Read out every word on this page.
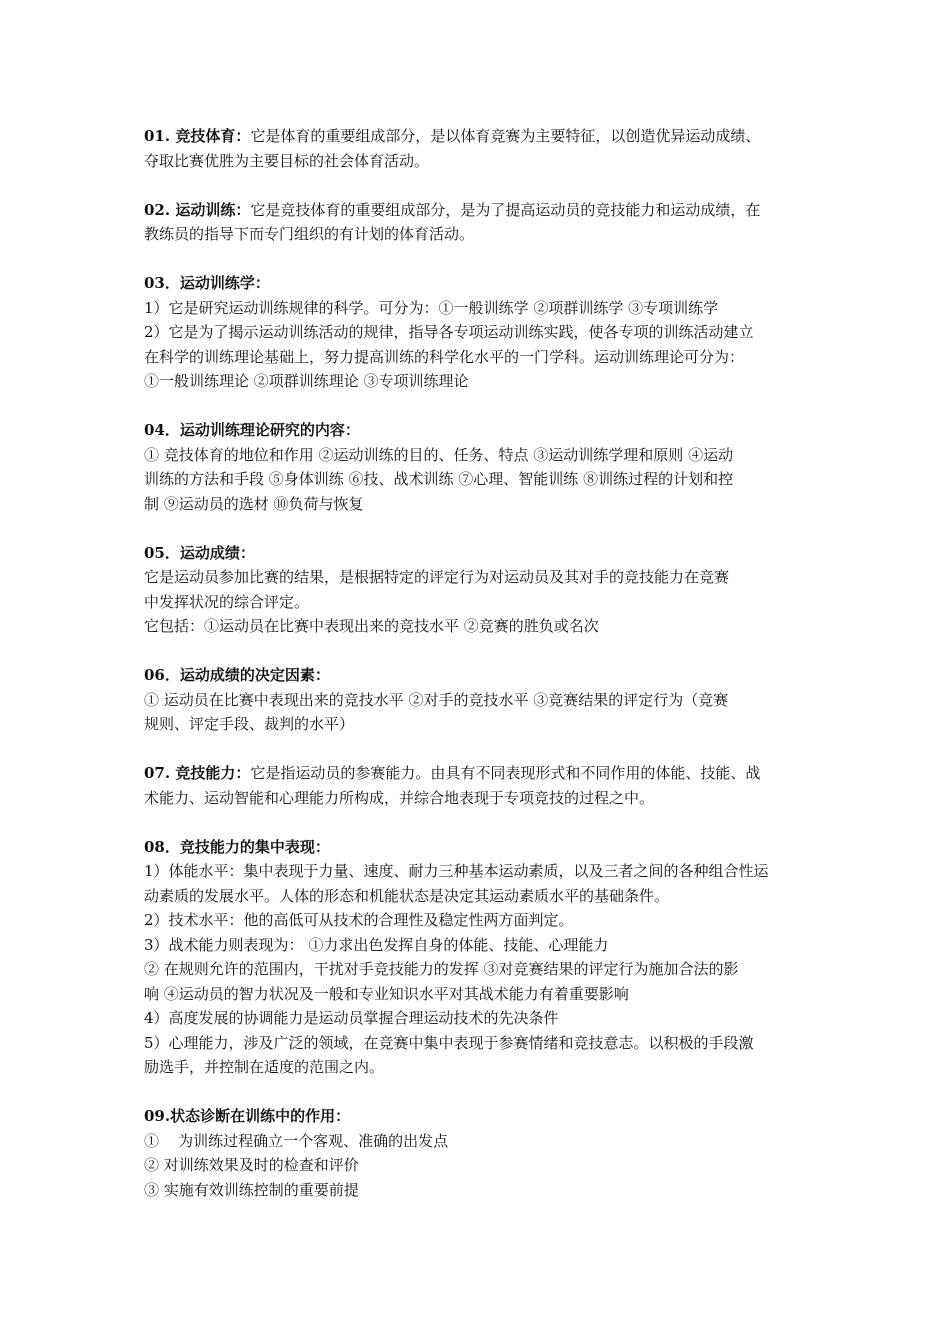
01. 竞技体育：它是体育的重要组成部分，是以体育竞赛为主要特征，以创造优异运动成绩、

夺取比赛优胜为主要目标的社会体育活动。

02. 运动训练：它是竞技体育的重要组成部分，是为了提高运动员的竞技能力和运动成绩，在

教练员的指导下而专门组织的有计划的体育活动。

03．运动训练学：

1）它是研究运动训练规律的科学。可分为：①一般训练学 ②项群训练学 ③专项训练学

2）它是为了揭示运动训练活动的规律，指导各专项运动训练实践，使各专项的训练活动建立

在科学的训练理论基础上，努力提高训练的科学化水平的一门学科。运动训练理论可分为：

①一般训练理论 ②项群训练理论 ③专项训练理论

04．运动训练理论研究的内容：

① 竞技体育的地位和作用 ②运动训练的目的、任务、特点 ③运动训练学理和原则 ④运动

训练的方法和手段 ⑤身体训练 ⑥技、战术训练 ⑦心理、智能训练 ⑧训练过程的计划和控

制 ⑨运动员的选材 ⑩负荷与恢复

05．运动成绩：

它是运动员参加比赛的结果，是根据特定的评定行为对运动员及其对手的竞技能力在竞赛

中发挥状况的综合评定。

它包括：①运动员在比赛中表现出来的竞技水平 ②竞赛的胜负或名次

06．运动成绩的决定因素：

① 运动员在比赛中表现出来的竞技水平 ②对手的竞技水平 ③竞赛结果的评定行为（竞赛

规则、评定手段、裁判的水平）

07. 竞技能力：它是指运动员的参赛能力。由具有不同表现形式和不同作用的体能、技能、战

术能力、运动智能和心理能力所构成，并综合地表现于专项竞技的过程之中。

08．竞技能力的集中表现：

1）体能水平：集中表现于力量、速度、耐力三种基本运动素质，以及三者之间的各种组合性运

动素质的发展水平。人体的形态和机能状态是决定其运动素质水平的基础条件。

2）技术水平：他的高低可从技术的合理性及稳定性两方面判定。

3）战术能力则表现为： ①力求出色发挥自身的体能、技能、心理能力

② 在规则允许的范围内，干扰对手竞技能力的发挥 ③对竞赛结果的评定行为施加合法的影

响 ④运动员的智力状况及一般和专业知识水平对其战术能力有着重要影响

4）高度发展的协调能力是运动员掌握合理运动技术的先决条件

5）心理能力，涉及广泛的领域，在竞赛中集中表现于参赛情绪和竞技意志。以积极的手段激

励选手，并控制在适度的范围之内。

09.状态诊断在训练中的作用：

①    为训练过程确立一个客观、准确的出发点

② 对训练效果及时的检查和评价

③ 实施有效训练控制的重要前提
